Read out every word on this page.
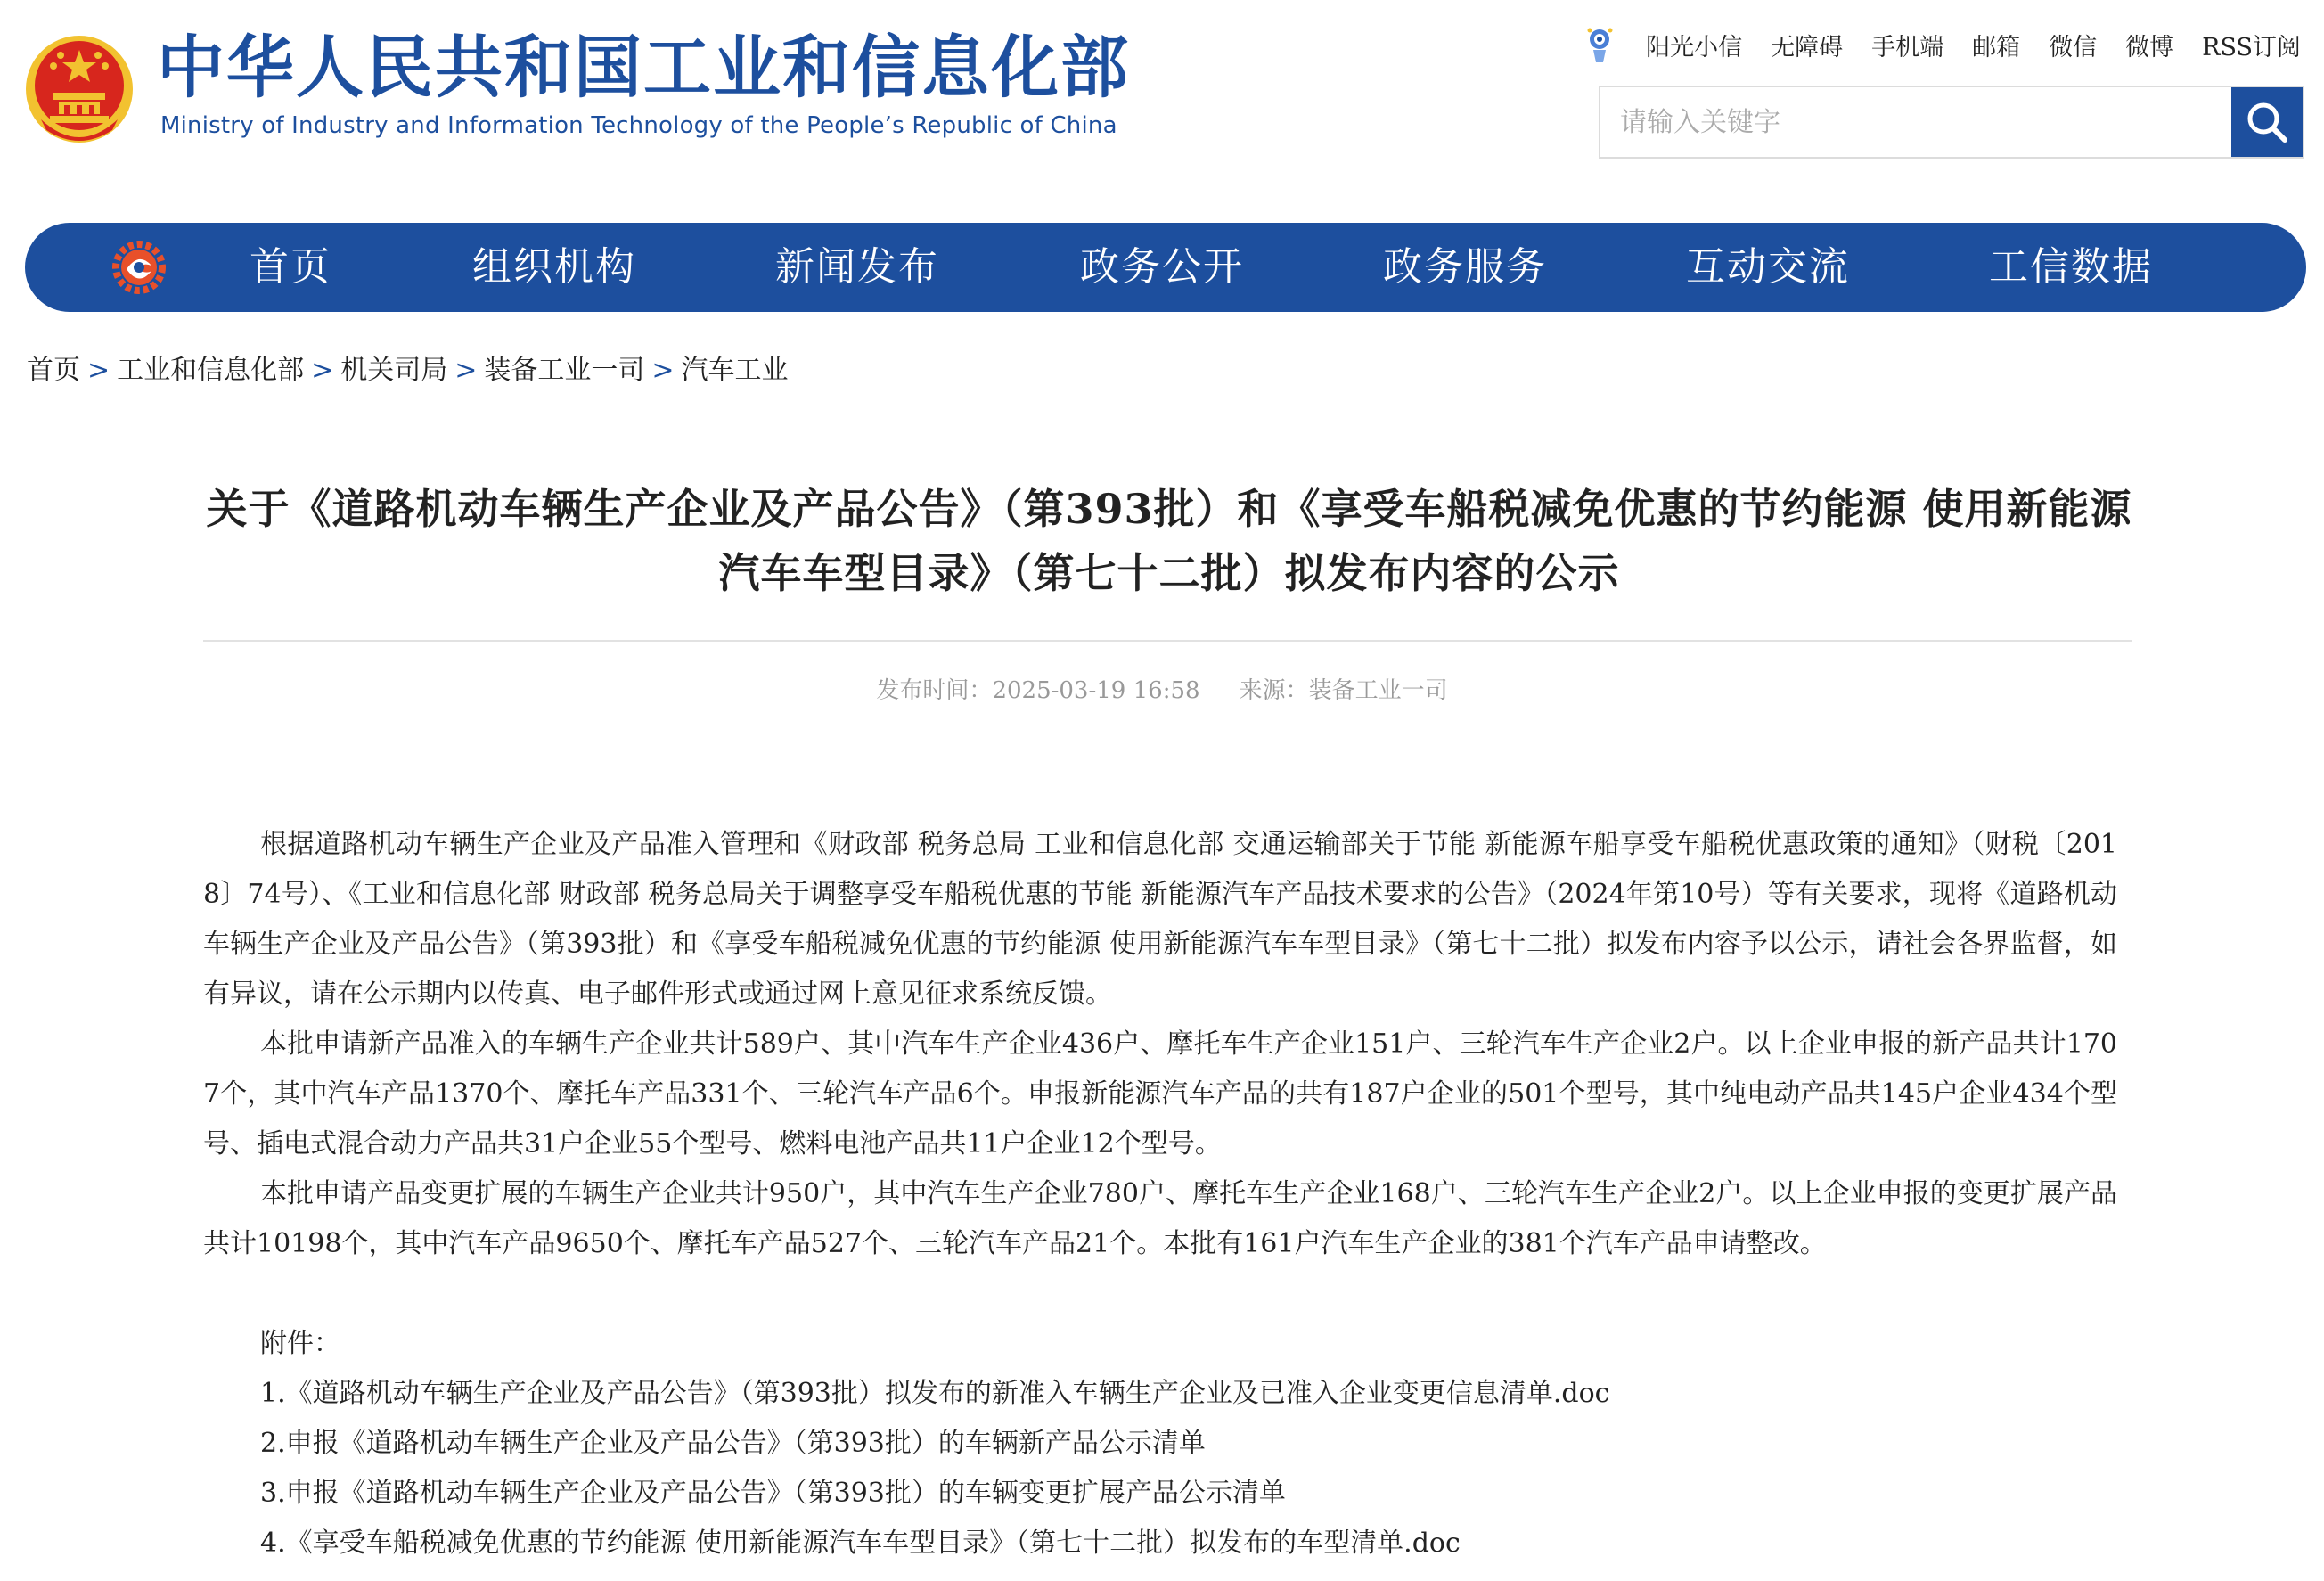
中华人民共和国工业和信息化部
Ministry of Industry and Information Technology of the People’s Republic of China
阳光小信 无障碍 手机端 邮箱 微信 微博 RSS订阅
请输入关键字
首页	组织机构	新闻发布	政务公开	政务服务	互动交流	工信数据
首页 > 工业和信息化部 > 机关司局 > 装备工业一司 > 汽车工业
关于《道路机动车辆生产企业及产品公告》（第393批）和《享受车船税减免优惠的节约能源 使用新能源汽车车型目录》（第七十二批）拟发布内容的公示
发布时间：2025-03-19 16:58 来源：装备工业一司

根据道路机动车辆生产企业及产品准入管理和《财政部 税务总局 工业和信息化部 交通运输部关于节能 新能源车船享受车船税优惠政策的通知》（财税〔2018〕74号）、《工业和信息化部 财政部 税务总局关于调整享受车船税优惠的节能 新能源汽车产品技术要求的公告》（2024年第10号）等有关要求，现将《道路机动车辆生产企业及产品公告》（第393批）和《享受车船税减免优惠的节约能源 使用新能源汽车车型目录》（第七十二批）拟发布内容予以公示，请社会各界监督，如有异议，请在公示期内以传真、电子邮件形式或通过网上意见征求系统反馈。

本批申请新产品准入的车辆生产企业共计589户、其中汽车生产企业436户、摩托车生产企业151户、三轮汽车生产企业2户。以上企业申报的新产品共计1707个，其中汽车产品1370个、摩托车产品331个、三轮汽车产品6个。申报新能源汽车产品的共有187户企业的501个型号，其中纯电动产品共145户企业434个型号、插电式混合动力产品共31户企业55个型号、燃料电池产品共11户企业12个型号。

本批申请产品变更扩展的车辆生产企业共计950户，其中汽车生产企业780户、摩托车生产企业168户、三轮汽车生产企业2户。以上企业申报的变更扩展产品共计10198个，其中汽车产品9650个、摩托车产品527个、三轮汽车产品21个。本批有161户汽车生产企业的381个汽车产品申请整改。

附件：
1.《道路机动车辆生产企业及产品公告》（第393批）拟发布的新准入车辆生产企业及已准入企业变更信息清单.doc
2.申报《道路机动车辆生产企业及产品公告》（第393批）的车辆新产品公示清单
3.申报《道路机动车辆生产企业及产品公告》（第393批）的车辆变更扩展产品公示清单
4.《享受车船税减免优惠的节约能源 使用新能源汽车车型目录》（第七十二批）拟发布的车型清单.doc
